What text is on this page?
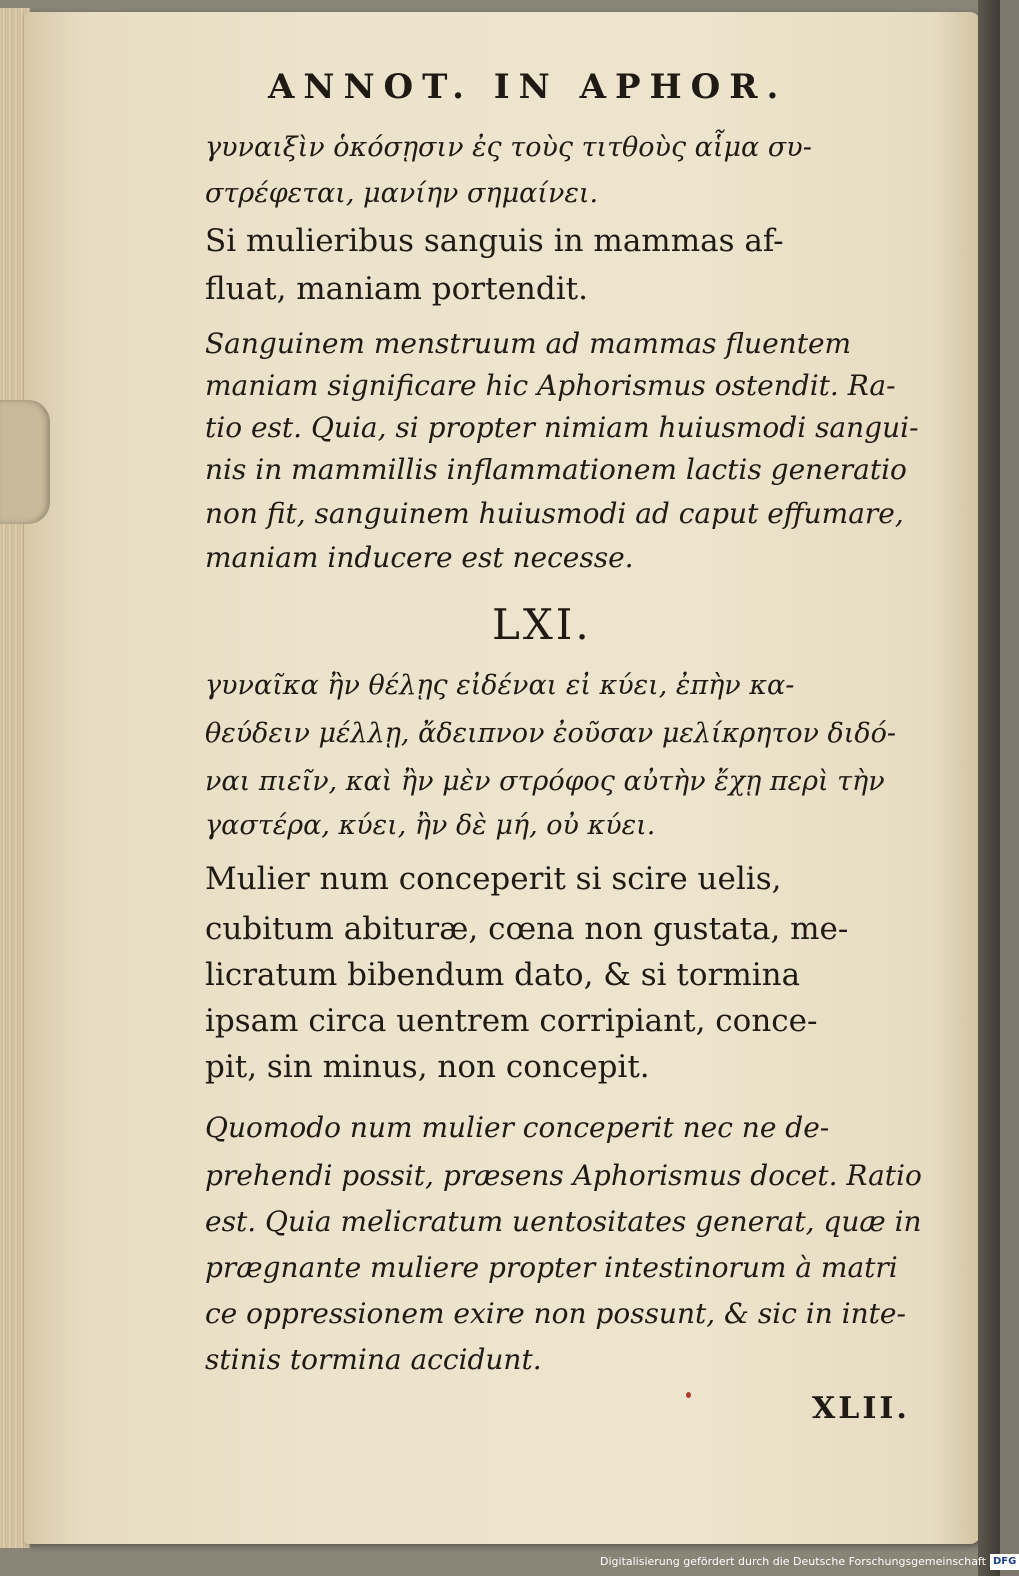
ANNOT. IN APHOR.

γυναιξὶν ὁκόσῃσιν ἐς τοὺς τιτθοὺς αἷμα συ-

στρέφεται, μανίην σημαίνει.

Si mulieribus sanguis in mammas af-

fluat, maniam portendit.

Sanguinem menstruum ad mammas fluentem

maniam significare hic Aphorismus ostendit. Ra-

tio est. Quia, si propter nimiam huiusmodi sangui-

nis in mammillis inflammationem lactis generatio

non fit, sanguinem huiusmodi ad caput effumare,

maniam inducere est necesse.

LXI.

γυναῖκα ἢν θέλῃς εἰδέναι εἰ κύει, ἐπὴν κα-

θεύδειν μέλλῃ, ἄδειπνον ἐοῦσαν μελίκρητον διδό-

ναι πιεῖν, καὶ ἢν μὲν στρόφος αὐτὴν ἔχῃ περὶ τὴν

γαστέρα, κύει, ἢν δὲ μή, οὐ κύει.

Mulier num conceperit si scire uelis,

cubitum abituræ, cœna non gustata, me-

licratum bibendum dato, & si tormina

ipsam circa uentrem corripiant, conce-

pit, sin minus, non concepit.

Quomodo num mulier conceperit nec ne de-

prehendi possit, præsens Aphorismus docet. Ratio

est. Quia melicratum uentositates generat, quæ in

prægnante muliere propter intestinorum à matri

ce oppressionem exire non possunt, & sic in inte-

stinis tormina accidunt.

XLII.

Digitalisierung gefördert durch die Deutsche Forschungsgemeinschaft DFG
